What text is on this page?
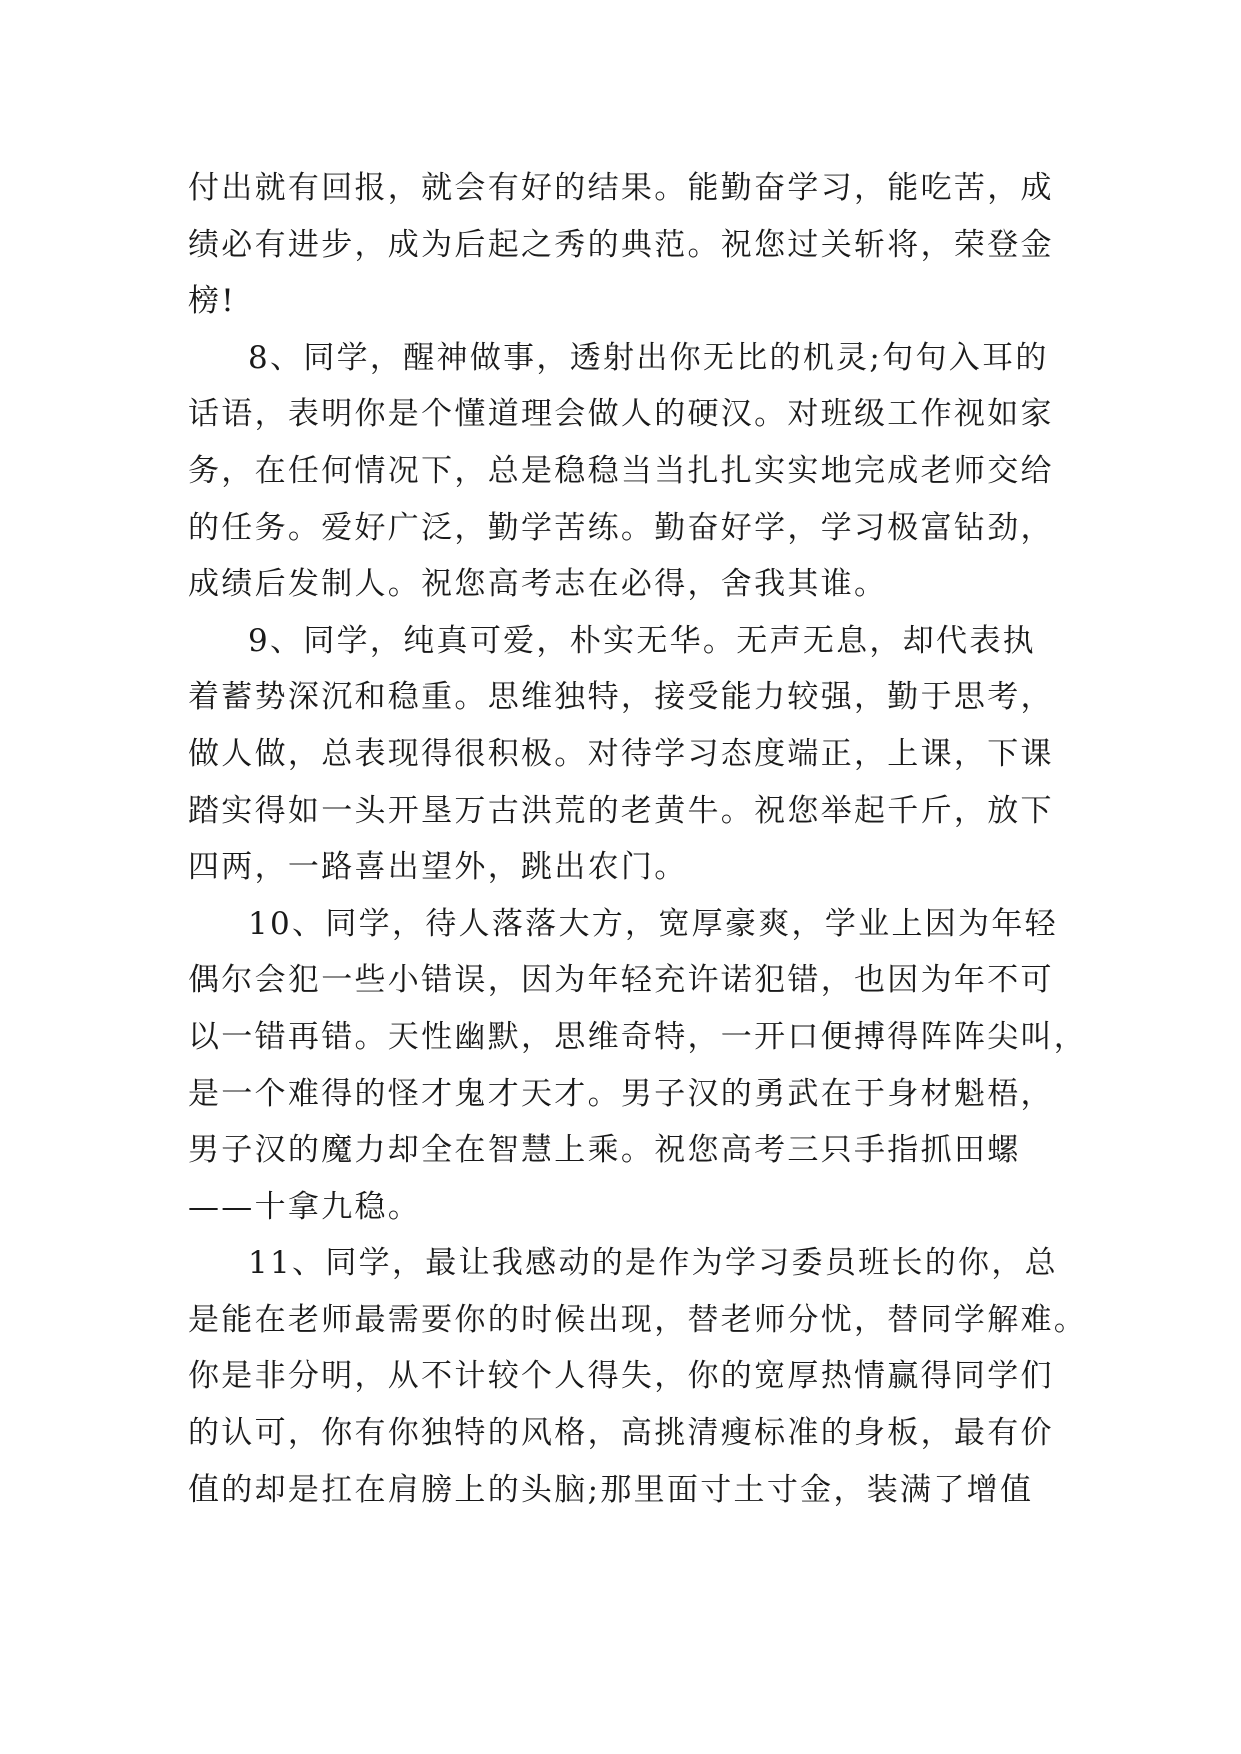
付出就有回报，就会有好的结果。能勤奋学习，能吃苦，成
绩必有进步，成为后起之秀的典范。祝您过关斩将，荣登金
榜!
8、同学，醒神做事，透射出你无比的机灵;句句入耳的
话语，表明你是个懂道理会做人的硬汉。对班级工作视如家
务，在任何情况下，总是稳稳当当扎扎实实地完成老师交给
的任务。爱好广泛，勤学苦练。勤奋好学，学习极富钻劲，
成绩后发制人。祝您高考志在必得，舍我其谁。
9、同学，纯真可爱，朴实无华。无声无息，却代表执
着蓄势深沉和稳重。思维独特，接受能力较强，勤于思考，
做人做，总表现得很积极。对待学习态度端正，上课，下课
踏实得如一头开垦万古洪荒的老黄牛。祝您举起千斤，放下
四两，一路喜出望外，跳出农门。
10、同学，待人落落大方，宽厚豪爽，学业上因为年轻
偶尔会犯一些小错误，因为年轻充许诺犯错，也因为年不可
以一错再错。天性幽默，思维奇特，一开口便搏得阵阵尖叫，
是一个难得的怪才鬼才天才。男子汉的勇武在于身材魁梧，
男子汉的魔力却全在智慧上乘。祝您高考三只手指抓田螺
——十拿九稳。
11、同学，最让我感动的是作为学习委员班长的你，总
是能在老师最需要你的时候出现，替老师分忧，替同学解难。
你是非分明，从不计较个人得失，你的宽厚热情赢得同学们
的认可，你有你独特的风格，高挑清瘦标准的身板，最有价
值的却是扛在肩膀上的头脑;那里面寸土寸金，装满了增值
